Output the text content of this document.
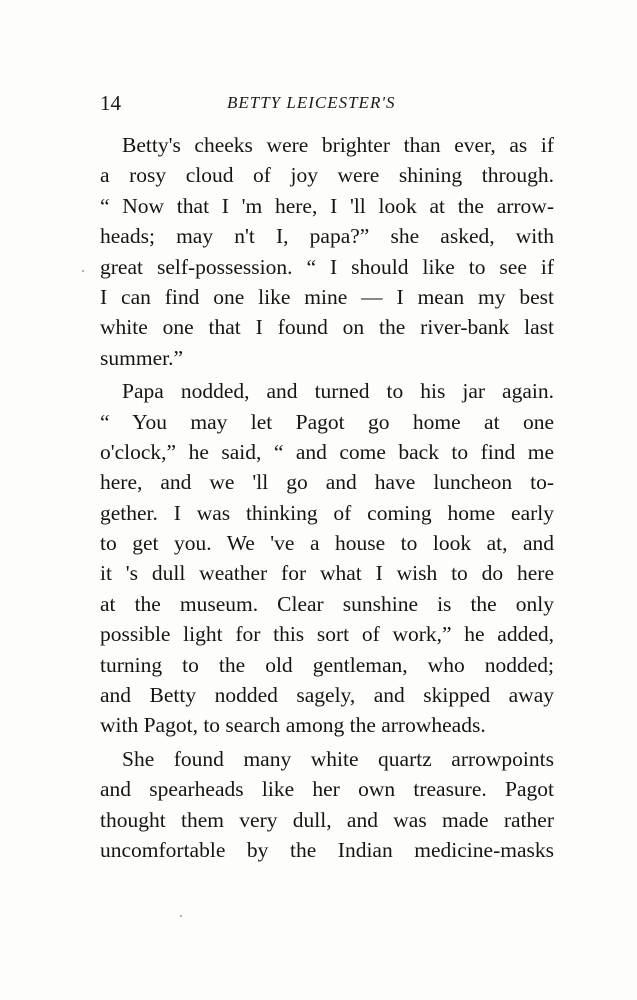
14	BETTY LEICESTER'S
Betty's cheeks were brighter than ever, as if
a rosy cloud of joy were shining through.
“ Now that I 'm here, I 'll look at the arrow-
heads; may n't I, papa?” she asked, with
great self-possession. “ I should like to see if
I can find one like mine — I mean my best
white one that I found on the river-bank last
summer.”
Papa nodded, and turned to his jar again.
“ You may let Pagot go home at one
o'clock,” he said, “ and come back to find me
here, and we 'll go and have luncheon to-
gether. I was thinking of coming home early
to get you. We 've a house to look at, and
it 's dull weather for what I wish to do here
at the museum. Clear sunshine is the only
possible light for this sort of work,” he added,
turning to the old gentleman, who nodded;
and Betty nodded sagely, and skipped away
with Pagot, to search among the arrowheads.
She found many white quartz arrowpoints
and spearheads like her own treasure. Pagot
thought them very dull, and was made rather
uncomfortable by the Indian medicine-masks
